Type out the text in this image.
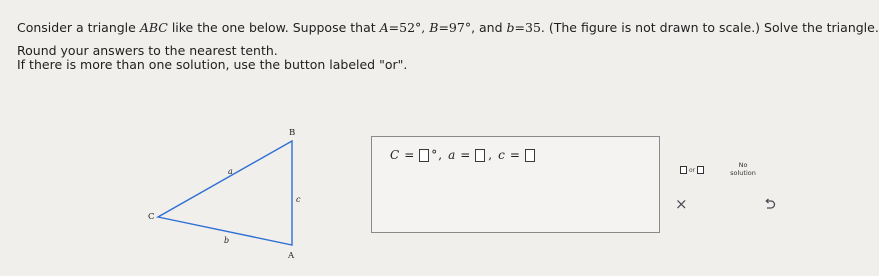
Consider a triangle ABC like the one below. Suppose that A=52°, B=97°, and b=35. (The figure is not drawn to scale.) Solve the triangle.
Round your answers to the nearest tenth.
If there is more than one solution, use the button labeled "or".
B
C
A
a
c
b
C = ° , a = , c =
or
No
solution
×
